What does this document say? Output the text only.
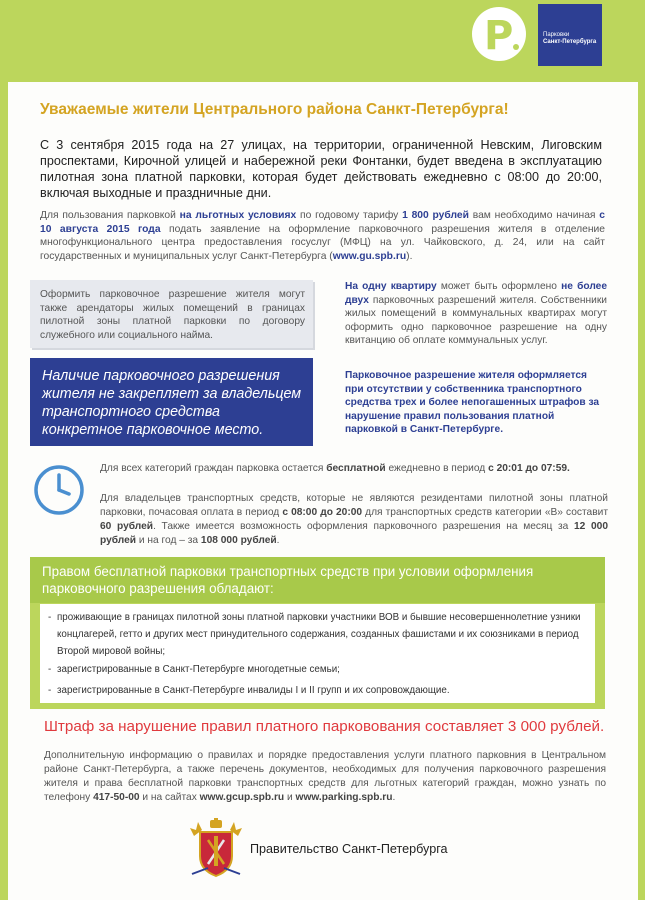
P	Парковки
Санкт-Петербурга
Уважаемые жители Центрального района Санкт-Петербурга!
С 3 сентября 2015 года на 27 улицах, на территории, ограниченной Невским, Лиговским проспектами, Кирочной улицей и набережной реки Фонтанки, будет введена в эксплуатацию пилотная зона платной парковки, которая будет действовать ежедневно с 08:00 до 20:00, включая выходные и праздничные дни.
Для пользования парковкой на льготных условиях по годовому тарифу 1 800 рублей вам необходимо начиная с 10 августа 2015 года подать заявление на оформление парковочного разрешения жителя в отделение многофункционального центра предоставления госуслуг (МФЦ) на ул. Чайковского, д. 24, или на сайт государственных и муниципальных услуг Санкт-Петербурга (www.gu.spb.ru).
Оформить парковочное разрешение жителя могут также арендаторы жилых помещений в границах пилотной зоны платной парковки по договору служебного или социального найма.
Наличие парковочного разрешения жителя не закрепляет за владельцем транспортного средства конкретное парковочное место.
На одну квартиру может быть оформлено не более двух парковочных разрешений жителя. Собственники жилых помещений в коммунальных квартирах могут оформить одно парковочное разрешение на одну квитанцию об оплате коммунальных услуг.
Парковочное разрешение жителя оформляется при отсутствии у собственника транспортного средства трех и более непогашенных штрафов за нарушение правил пользования платной парковкой в Санкт-Петербурге.
Для всех категорий граждан парковка остается бесплатной ежедневно в период с 20:01 до 07:59.
Для владельцев транспортных средств, которые не являются резидентами пилотной зоны платной парковки, почасовая оплата в период с 08:00 до 20:00 для транспортных средств категории «В» составит 60 рублей. Также имеется возможность оформления парковочного разрешения на месяц за 12 000 рублей и на год – за 108 000 рублей.
Правом бесплатной парковки транспортных средств при условии оформления парковочного разрешения обладают:
- проживающие в границах пилотной зоны платной парковки участники ВОВ и бывшие несовершеннолетние узники концлагерей, гетто и других мест принудительного содержания, созданных фашистами и их союзниками в период Второй мировой войны;
- зарегистрированные в Санкт-Петербурге многодетные семьи;
- зарегистрированные в Санкт-Петербурге инвалиды I и II групп и их сопровождающие.
Штраф за нарушение правил платного парковования составляет 3 000 рублей.
Дополнительную информацию о правилах и порядке предоставления услуги платного парковния в Центральном районе Санкт-Петербурга, а также перечень документов, необходимых для получения парковочного разрешения жителя и права бесплатной парковки транспортных средств для льготных категорий граждан, можно узнать по телефону 417-50-00 и на сайтах www.gcup.spb.ru и www.parking.spb.ru.
Правительство Санкт-Петербурга
